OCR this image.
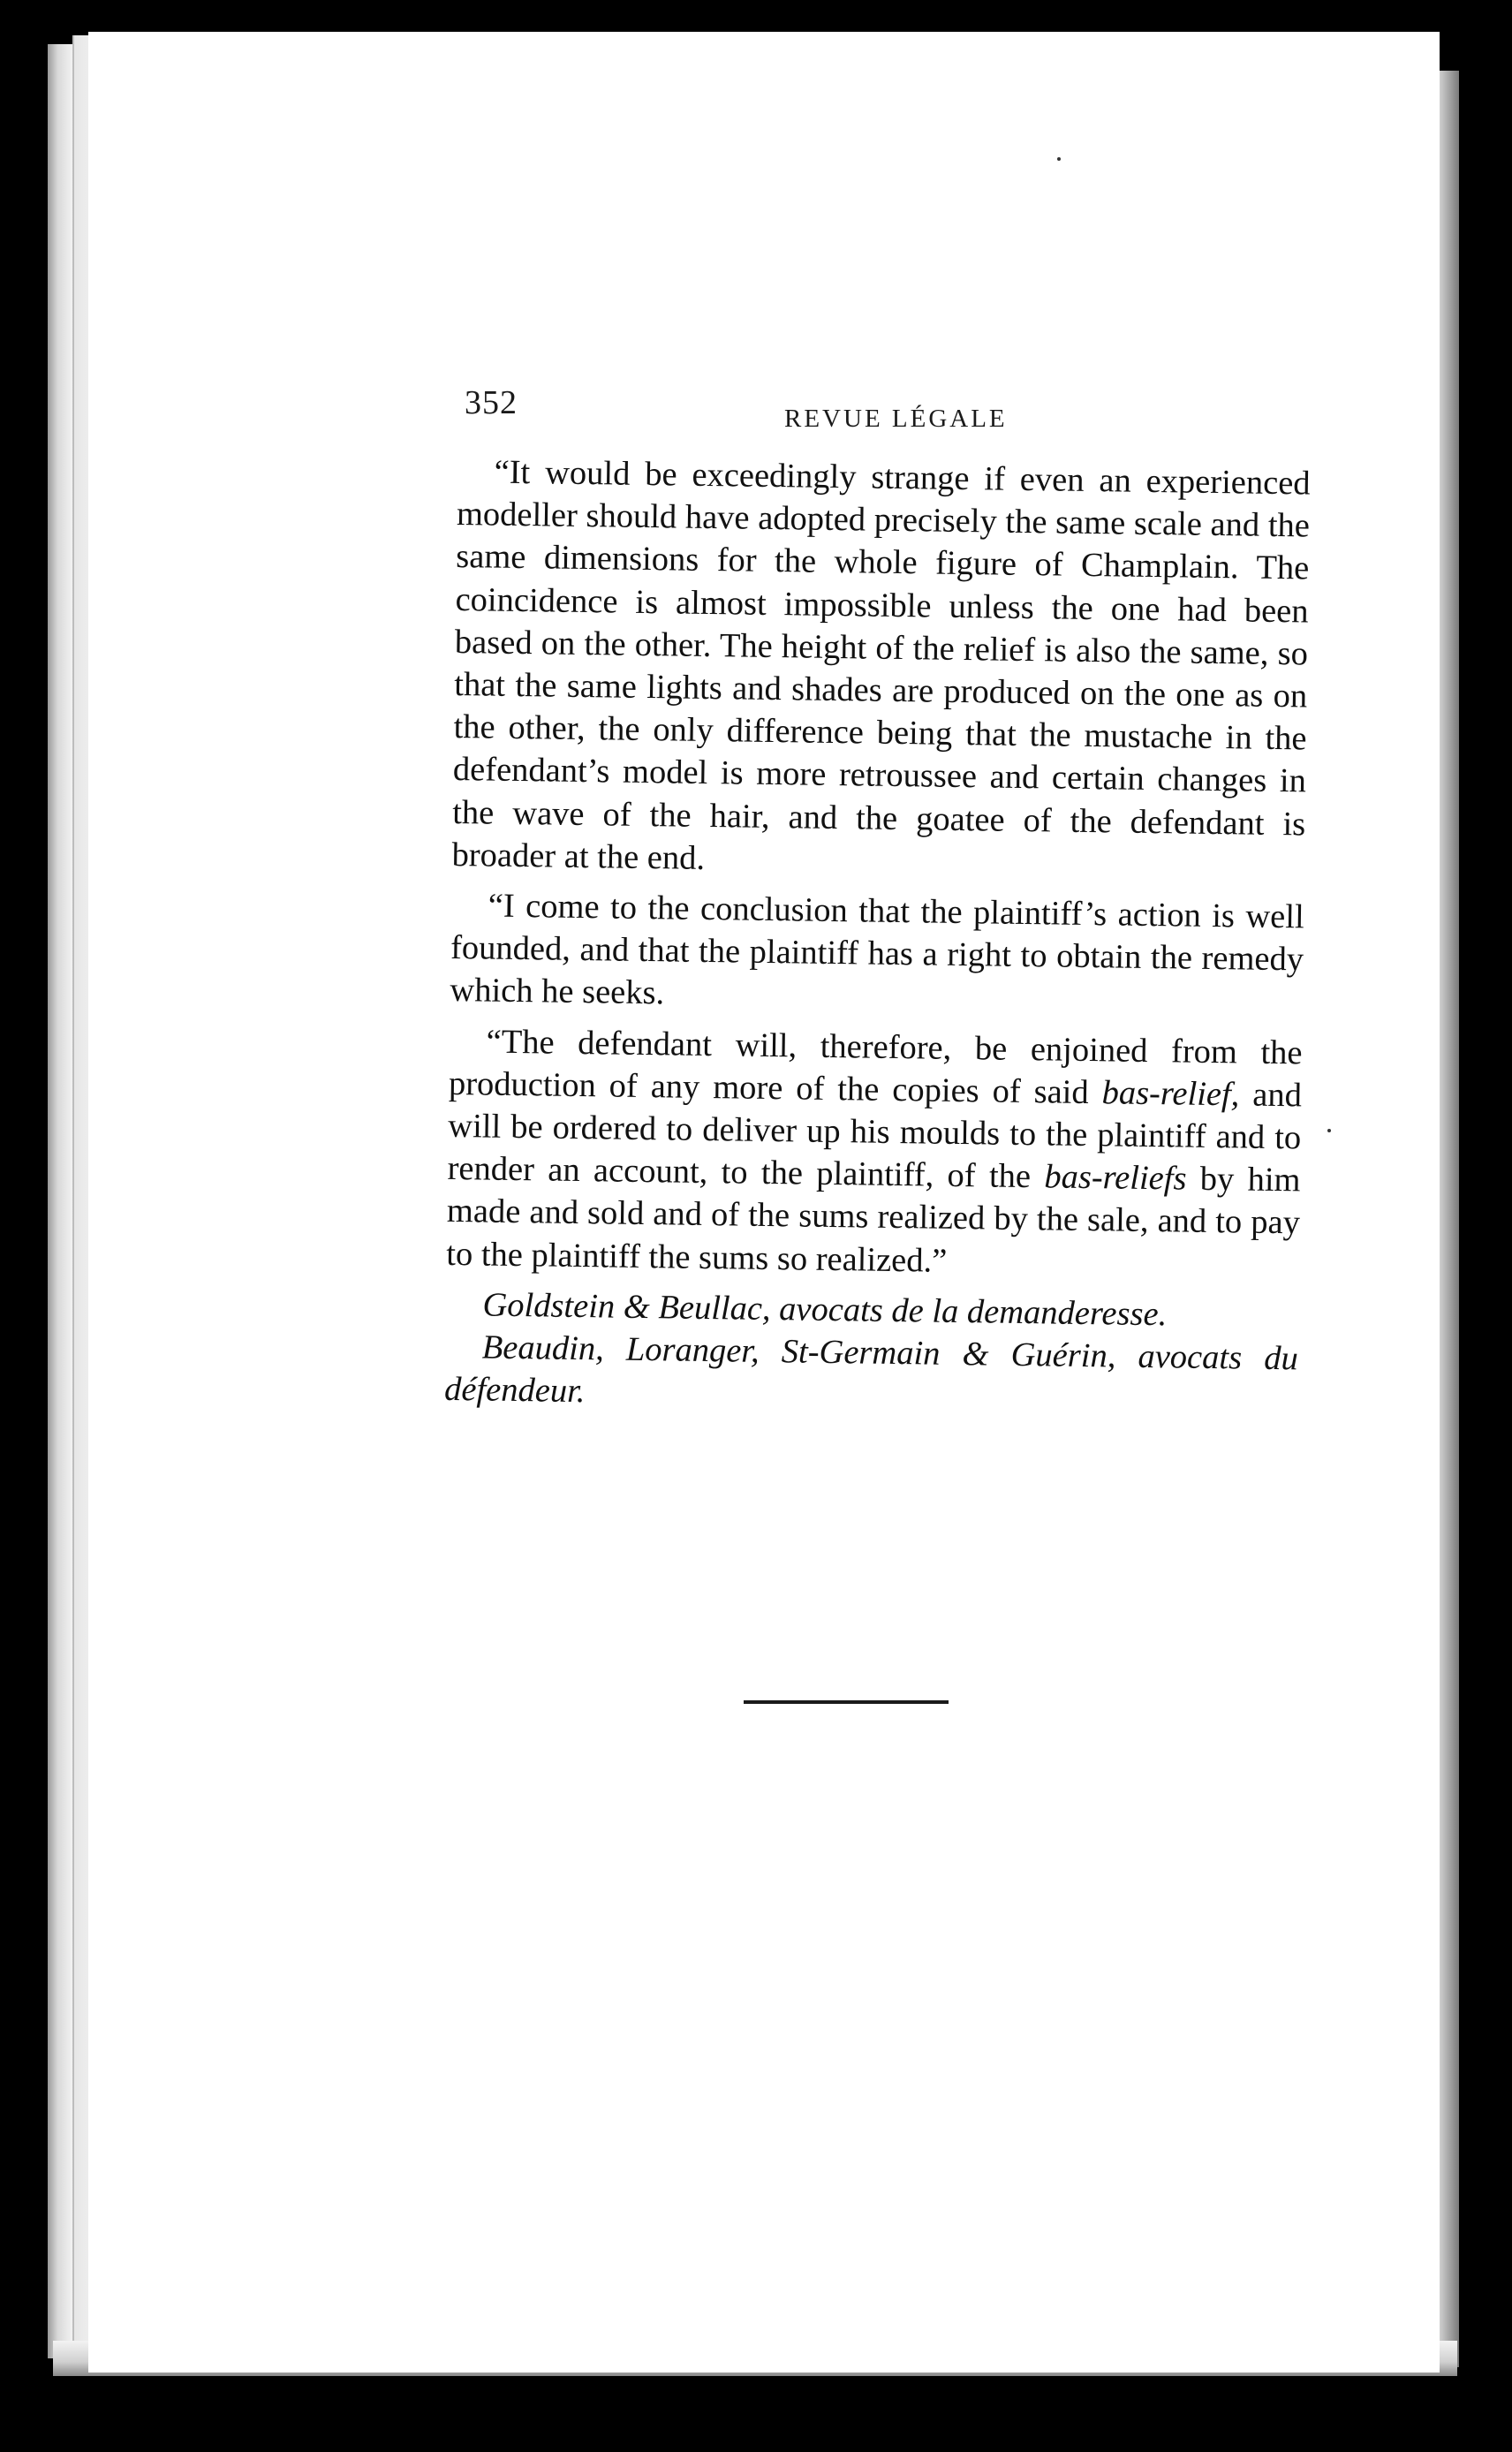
352	REVUE LÉGALE

“It would be exceedingly strange if even an experienced modeller should have adopted precisely the same scale and the same dimensions for the whole figure of Champlain. The coincidence is almost impossible unless the one had been based on the other. The height of the relief is also the same, so that the same lights and shades are produced on the one as on the other, the only difference being that the mustache in the defendant’s model is more retroussee and certain changes in the wave of the hair, and the goatee of the defendant is broader at the end.

“I come to the conclusion that the plaintiff’s action is well founded, and that the plaintiff has a right to obtain the remedy which he seeks.

“The defendant will, therefore, be enjoined from the production of any more of the copies of said bas-relief, and will be ordered to deliver up his moulds to the plaintiff and to render an account, to the plaintiff, of the bas-reliefs by him made and sold and of the sums realized by the sale, and to pay to the plaintiff the sums so realized.”

Goldstein & Beullac, avocats de la demanderesse.

Beaudin, Loranger, St-Germain & Guérin, avocats du défendeur.
